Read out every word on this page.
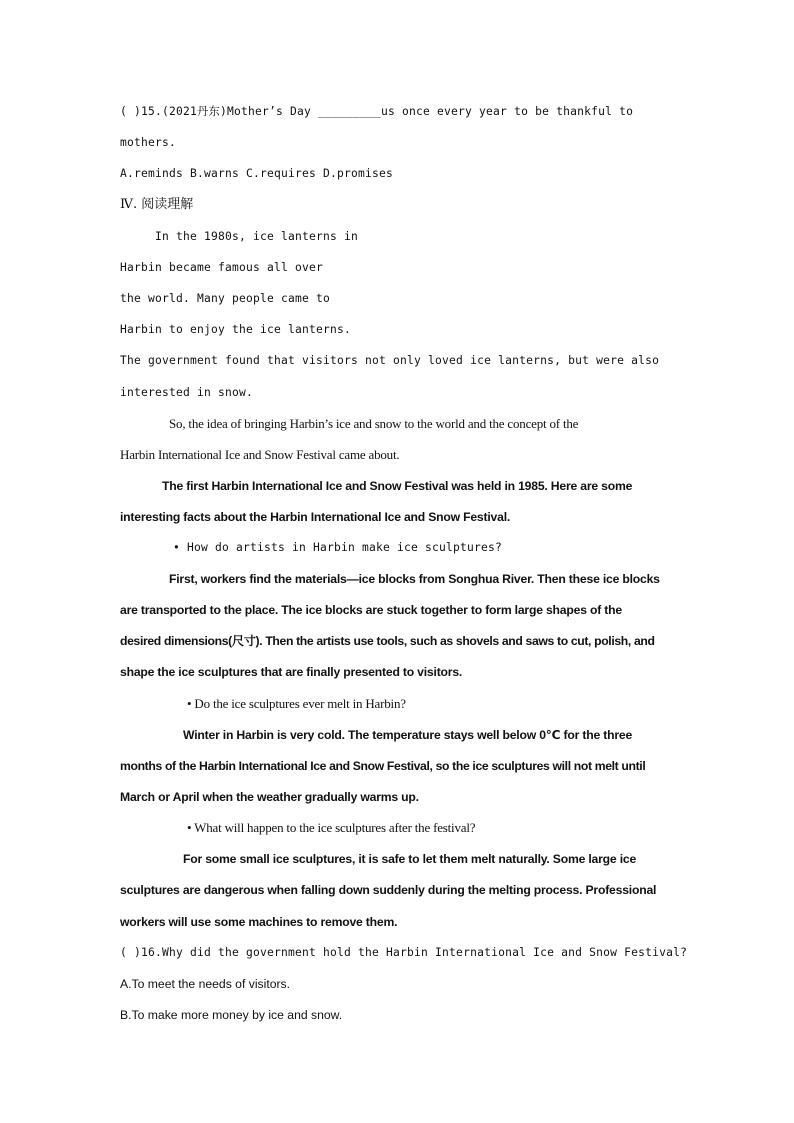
( )15.(2021丹东)Mother’s Day _________us once every year to be thankful to
mothers.
A.reminds B.warns C.requires D.promises
Ⅳ. 阅读理解
In the 1980s, ice lanterns in
Harbin became famous all over
the world. Many people came to
Harbin to enjoy the ice lanterns.
The government found that visitors not only loved ice lanterns, but were also
interested in snow.
So, the idea of bringing Harbin’s ice and snow to the world and the concept of the
Harbin International Ice and Snow Festival came about.
The first Harbin International Ice and Snow Festival was held in 1985. Here are some
interesting facts about the Harbin International Ice and Snow Festival.
• How do artists in Harbin make ice sculptures?
First, workers find the materials—ice blocks from Songhua River. Then these ice blocks
are transported to the place. The ice blocks are stuck together to form large shapes of the
desired dimensions(尺寸). Then the artists use tools, such as shovels and saws to cut, polish, and
shape the ice sculptures that are finally presented to visitors.
• Do the ice sculptures ever melt in Harbin?
Winter in Harbin is very cold. The temperature stays well below 0℃ for the three
months of the Harbin International Ice and Snow Festival, so the ice sculptures will not melt until
March or April when the weather gradually warms up.
• What will happen to the ice sculptures after the festival?
For some small ice sculptures, it is safe to let them melt naturally. Some large ice
sculptures are dangerous when falling down suddenly during the melting process. Professional
workers will use some machines to remove them.
( )16.Why did the government hold the Harbin International Ice and Snow Festival?
A.To meet the needs of visitors.
B.To make more money by ice and snow.
